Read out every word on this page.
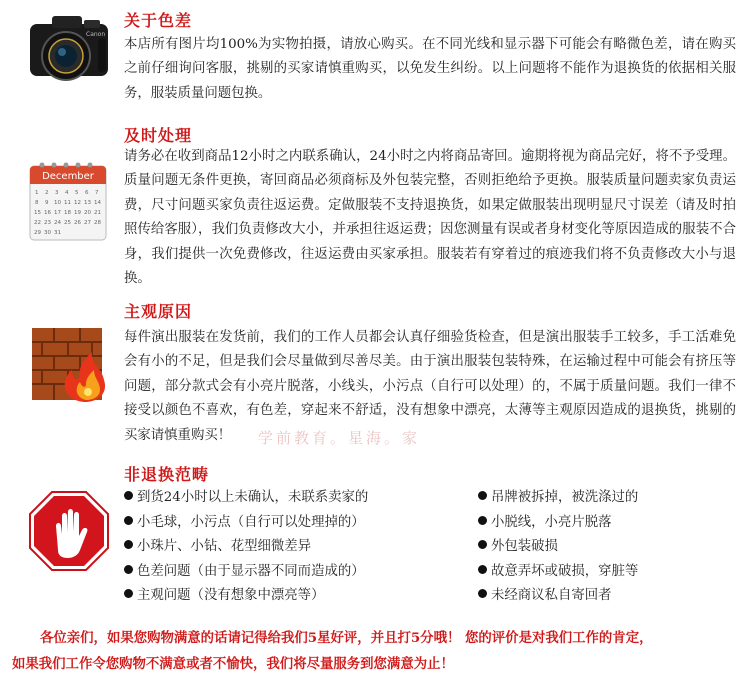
Canon
关于色差
本店所有图片均100%为实物拍摄，请放心购买。在不同光线和显示器下可能会有略微色差，请在购买之前仔细询问客服，挑剔的买家请慎重购买，以免发生纠纷。以上问题将不能作为退换货的依据相关服务，服装质量问题包换。
December
1 2 3 4 5 6 7
8 9 10 11 12 13 14
15 16 17 18 19 20 21
22 23 24 25 26 27 28
29 30 31
及时处理
请务必在收到商品12小时之内联系确认，24小时之内将商品寄回。逾期将视为商品完好，将不予受理。质量问题无条件更换，寄回商品必须商标及外包装完整，否则拒绝给予更换。服装质量问题卖家负责运费，尺寸问题买家负责往返运费。定做服装不支持退换货，如果定做服装出现明显尺寸误差（请及时拍照传给客服），我们负责修改大小，并承担往返运费；因您测量有误或者身材变化等原因造成的服装不合身，我们提供一次免费修改，往返运费由买家承担。服装若有穿着过的痕迹我们将不负责修改大小与退换。
主观原因
每件演出服装在发货前，我们的工作人员都会认真仔细验货检查，但是演出服装手工较多，手工活难免会有小的不足，但是我们会尽量做到尽善尽美。由于演出服装包装特殊，在运输过程中可能会有挤压等问题，部分款式会有小亮片脱落，小线头，小污点（自行可以处理）的，不属于质量问题。我们一律不接受以颜色不喜欢，有色差，穿起来不舒适，没有想象中漂亮，太薄等主观原因造成的退换货，挑剔的买家请慎重购买！	学前教育。星海。家
非退换范畴
到货24小时以上未确认，未联系卖家的
小毛球，小污点（自行可以处理掉的）
小珠片、小钻、花型细微差异
色差问题（由于显示器不同而造成的）
主观问题（没有想象中漂亮等）
吊牌被拆掉，被洗涤过的
小脱线，小亮片脱落
外包装破损
故意弄坏或破损，穿脏等
未经商议私自寄回者
各位亲们，如果您购物满意的话请记得给我们5星好评，并且打5分哦！ 您的评价是对我们工作的肯定，
如果我们工作令您购物不满意或者不愉快，我们将尽量服务到您满意为止！
